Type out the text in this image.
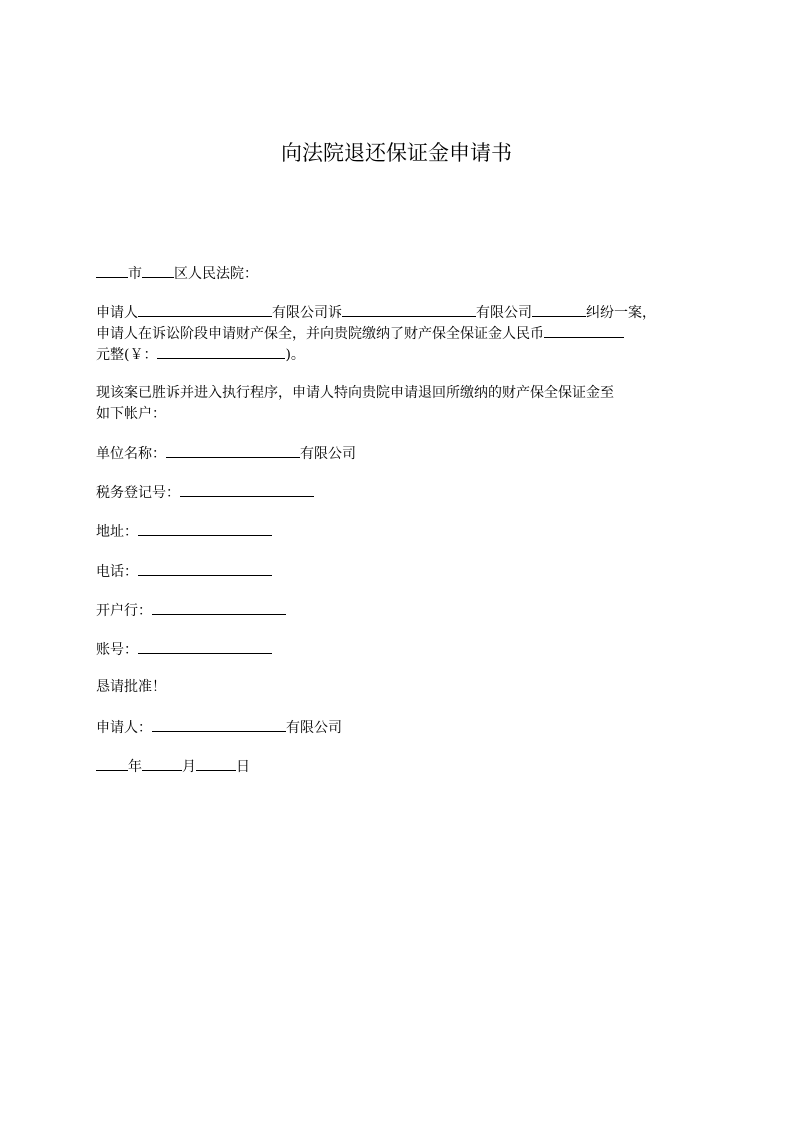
向法院退还保证金申请书
市 区人民法院：
申请人	有限公司诉	有限公司	纠纷一案，
申请人在诉讼阶段申请财产保全，并向贵院缴纳了财产保全保证金人民币
元整(￥：	)。
现该案已胜诉并进入执行程序，申请人特向贵院申请退回所缴纳的财产保全保证金至
如下帐户：
单位名称：	有限公司
税务登记号：
地址：
电话：
开户行：
账号：
恳请批准！
申请人：	有限公司
年	月	日
